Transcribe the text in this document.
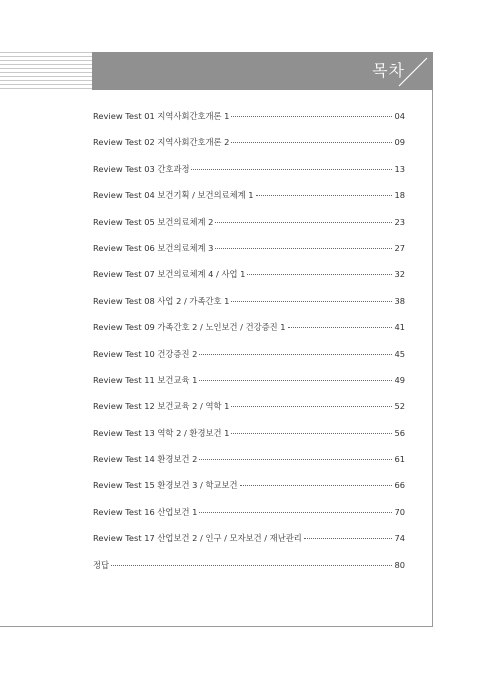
목차
Review Test 01 지역사회간호개론 1	04
Review Test 02 지역사회간호개론 2	09
Review Test 03 간호과정	13
Review Test 04 보건기획 / 보건의료체계 1	18
Review Test 05 보건의료체계 2	23
Review Test 06 보건의료체계 3	27
Review Test 07 보건의료체계 4 / 사업 1	32
Review Test 08 사업 2 / 가족간호 1	38
Review Test 09 가족간호 2 / 노인보건 / 건강증진 1	41
Review Test 10 건강증진 2	45
Review Test 11 보건교육 1	49
Review Test 12 보건교육 2 / 역학 1	52
Review Test 13 역학 2 / 환경보건 1	56
Review Test 14 환경보건 2	61
Review Test 15 환경보건 3 / 학교보건	66
Review Test 16 산업보건 1	70
Review Test 17 산업보건 2 / 인구 / 모자보건 / 재난관리	74
정답	80
